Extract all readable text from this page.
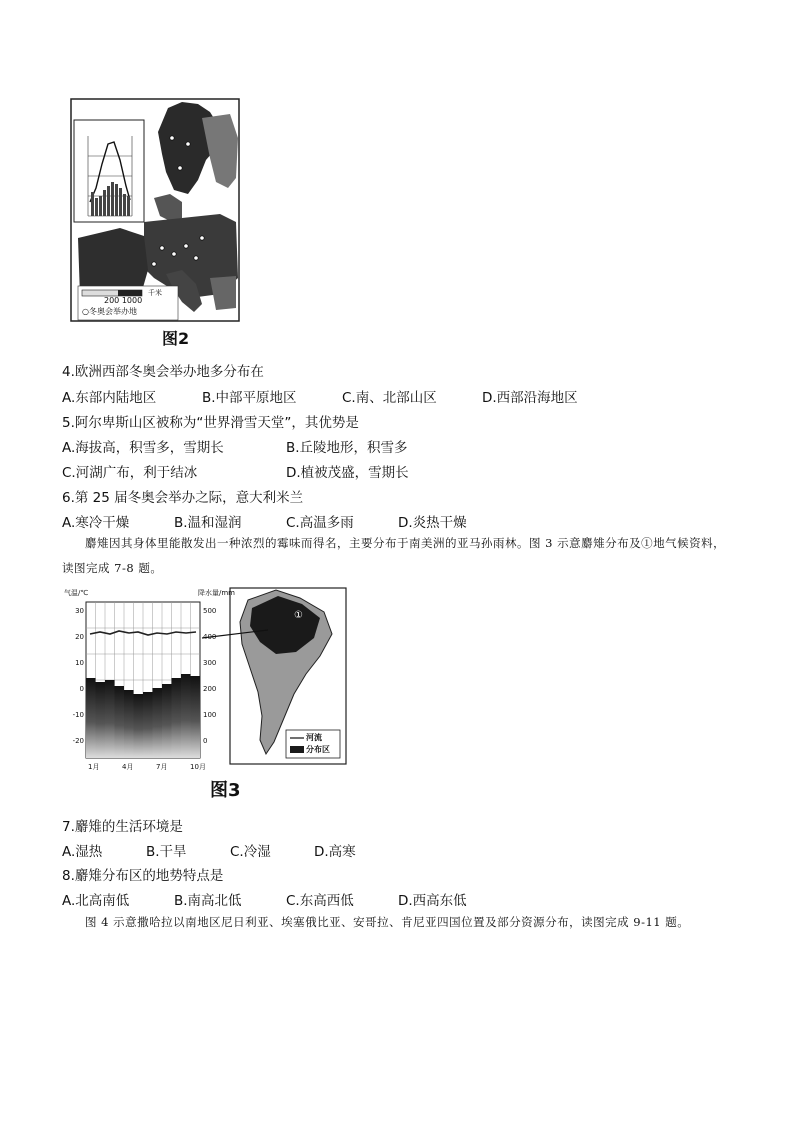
200 1000
千米
○冬奥会举办地
图2
4.欧洲西部冬奥会举办地多分布在
A.东部内陆地区	B.中部平原地区	C.南、北部山区	D.西部沿海地区
5.阿尔卑斯山区被称为“世界滑雪天堂”，其优势是
A.海拔高，积雪多，雪期长	B.丘陵地形，积雪多
C.河湖广布，利于结冰	D.植被茂盛，雪期长
6.第 25 届冬奥会举办之际，意大利米兰
A.寒冷干燥	B.温和湿润	C.高温多雨	D.炎热干燥
麝雉因其身体里能散发出一种浓烈的霉味而得名，主要分布于南美洲的亚马孙雨林。图 3 示意麝雉分布及①地气候资料，读图完成 7-8 题。
气温/℃	降水量/mm
30
20
10
0
-10
-20
500
400
300
200
100
0
1月	4月	7月	10月
①
河流
分布区
图3
7.麝雉的生活环境是
A.湿热	B.干旱	C.冷湿	D.高寒
8.麝雉分布区的地势特点是
A.北高南低	B.南高北低	C.东高西低	D.西高东低
图 4 示意撒哈拉以南地区尼日利亚、埃塞俄比亚、安哥拉、肯尼亚四国位置及部分资源分布，读图完成 9-11 题。
